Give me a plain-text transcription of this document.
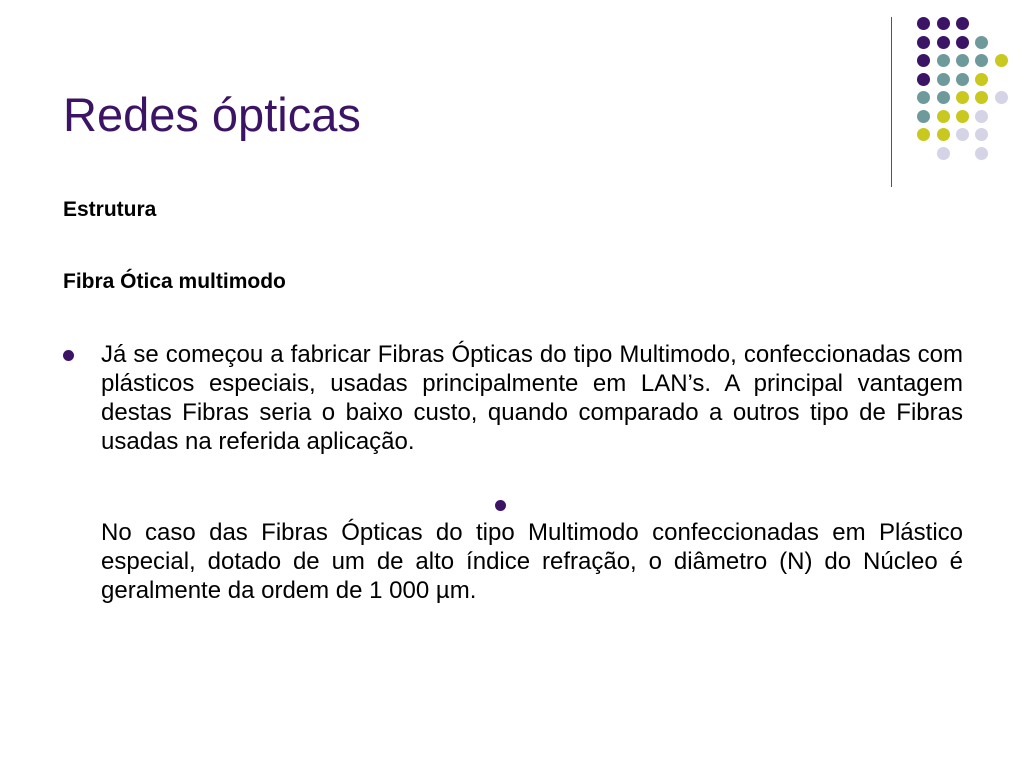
Redes ópticas

Estrutura

Fibra Ótica multimodo

Já se começou a fabricar Fibras Ópticas do tipo Multimodo, confeccionadas com plásticos especiais, usadas principalmente em LAN’s. A principal vantagem destas Fibras seria o baixo custo, quando comparado a outros tipo de Fibras usadas na referida aplicação.

No caso das Fibras Ópticas do tipo Multimodo confeccionadas em Plástico especial, dotado de um de alto índice refração, o diâmetro (N) do Núcleo é geralmente da ordem de 1 000 µm.
